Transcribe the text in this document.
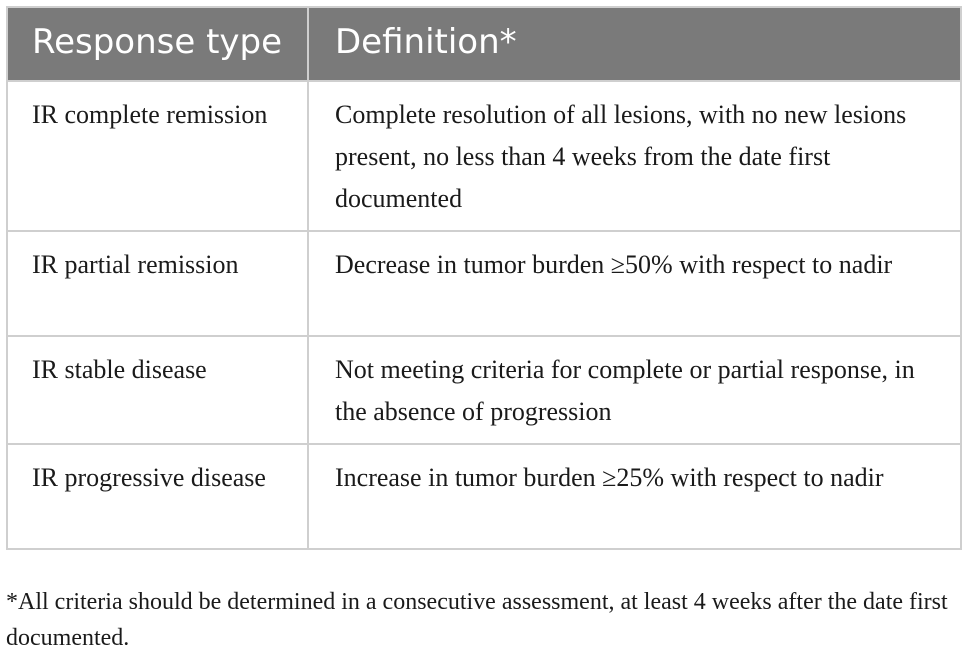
Response type	Definition*
IR complete remission	Complete resolution of all lesions, with no new lesions present, no less than 4 weeks from the date first documented
IR partial remission	Decrease in tumor burden ≥50% with respect to nadir
IR stable disease	Not meeting criteria for complete or partial response, in the absence of progression
IR progressive disease	Increase in tumor burden ≥25% with respect to nadir
*All criteria should be determined in a consecutive assessment, at least 4 weeks after the date first documented.
